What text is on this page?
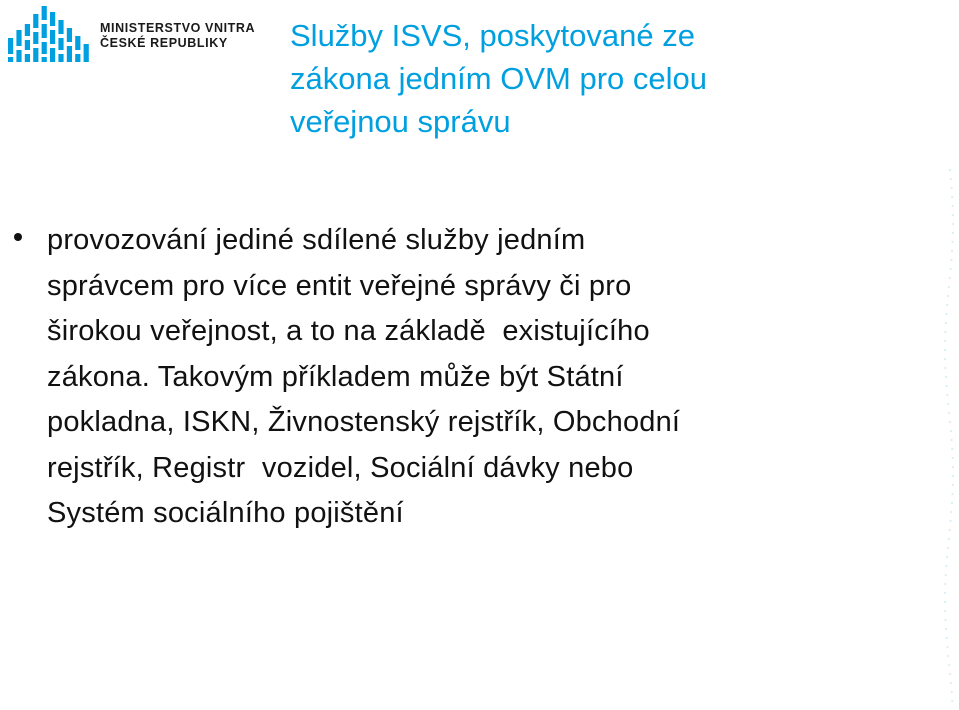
MINISTERSTVO VNITRA
ČESKÉ REPUBLIKY	Služby ISVS, poskytované ze
zákona jedním OVM pro celou
veřejnou správu
provozování jediné sdílené služby jedním
správcem pro více entit veřejné správy či pro
širokou veřejnost, a to na základě  existujícího
zákona. Takovým příkladem může být Státní
pokladna, ISKN, Živnostenský rejstřík, Obchodní
rejstřík, Registr  vozidel, Sociální dávky nebo
Systém sociálního pojištění
